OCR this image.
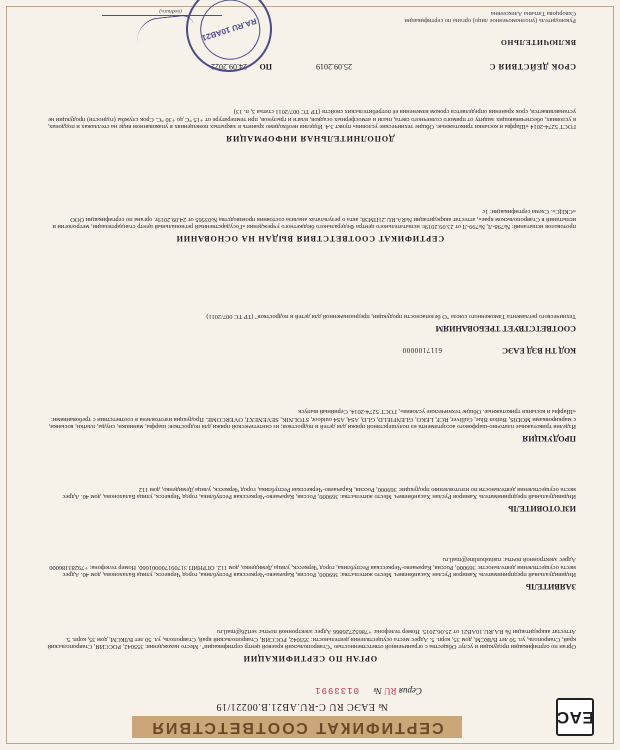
EAC
СЕРТИФИКАТ СООТВЕТСТВИЯ
№ ЕАЭС RU С-RU.AB21.B.00221/19
Серия RU № 0133991
ОРГАН ПО СЕРТИФИКАЦИИ
Орган по сертификации продукции и услуг Общества с ограниченной ответственностью "Ставропольский краевой центр сертификации". Место нахождения: 355042, РОССИЯ, Ставропольский край, Ставрополь, ул. 50 лет ВЛКСМ, дом 35, корп. 5. Адрес места осуществления деятельности: 355042, РОССИЯ, Ставропольский край, Ставрополь, ул. 50 лет ВЛКСМ, дом 35, корп. 5. Аттестат аккредитации № RA.RU.10AB21 от 25.06.2015. Номер телефона: +78652726866 Адрес электронной почты: sert26@mail.ru
ЗАЯВИТЕЛЬ
Индивидуальный предприниматель Хамиров Руслан Хасанбиевич. Место жительства: 369000, Россия, Карачаево-Черкесская Республика, город Черкесск, улица Балахонова, дом 40. Адрес места осуществления деятельности: 369000, Россия, Карачаево-Черкесская Республика, город Черкесск, улица Демиденко, дом 112. ОГРНИП 317091700001660. Номер телефона: +79283186000 Адрес электронной почты: rustushonline@mail.ru
ИЗГОТОВИТЕЛЬ
Индивидуальный предприниматель Хамиров Руслан Хасанбиевич. Место жительства: 369000, Россия, Карачаево-Черкесская Республика, город Черкесск, улица Балахонова, дом 40. Адрес места осуществления деятельности по изготовлению продукции: 369000, Россия, Карачаево-Черкесская Республика, город Черкесск, улица Демиденко, дом 112
ПРОДУКЦИЯ
Изделия трикотажные платочно-шарфового ассортимента из полушерстяной пряжи для детей и подростков; из синтетической пряжи для подростков: шарфы, манишки, снуды, платки, косынки, с маркировками MODIS, Button Blue, Gulliver, RCF, LEKO, GLENFIELD, GLD, AS4, AS4 outdoor, STOLNIK, SEVENEXT, OVERCOME. Продукция изготовлена в соответствии с требованиями: «Шарфы и косынки трикотажные. Общие технические условия», ГОСТ 5274-2014. Серийный выпуск
КОД ТН ВЭД ЕАЭС
6117100000
СООТВЕТСТВУЕТ ТРЕБОВАНИЯМ
Технического регламента Таможенного союза "О безопасности продукции, предназначенной для детей и подростков" (ТР ТС 007/2011)
СЕРТИФИКАТ СООТВЕТСТВИЯ ВЫДАН НА ОСНОВАНИИ
протоколов испытаний: №798-Л, №799-Л от 23.09.2019г. испытательного центра Федерального бюджетного учреждения «Государственный региональный центр стандартизации, метрологии и испытаний в Ставропольском крае», аттестат аккредитации №RA.RU.21ПМ38; акта о результатах анализа состояния производства №03565 от 24.09.2019г. органа по сертификации ООО «СКЦС». Схема сертификации: 1с
ДОПОЛНИТЕЛЬНАЯ ИНФОРМАЦИЯ
ГОСТ 5274-2014 «Шарфы и косынки трикотажные. Общие технические условия» пункт 3.4. Изделия необходимо хранить в закрытых помещениях в упакованном виде на стеллажах и поддонах, в условиях, обеспечивающих защиту от прямого солнечного света, пыли и атмосферных осадков, влаги и грызунов, при температуре от +15 °С до +30 °С. Срок службы (годности) продукции не устанавливается, срок хранения определяется сроком изменения её потребительских свойств (ТР ТС 007/2011 статья 3, п. 13)
СРОК ДЕЙСТВИЯ С
25.09.2019
ПО
24.09.2022
ВКЛЮЧИТЕЛЬНО
Руководитель (уполномоченное лицо) органа по сертификации
Скворцова Татьяна Алексеевна
(подпись)
RA.RU 10AB21
